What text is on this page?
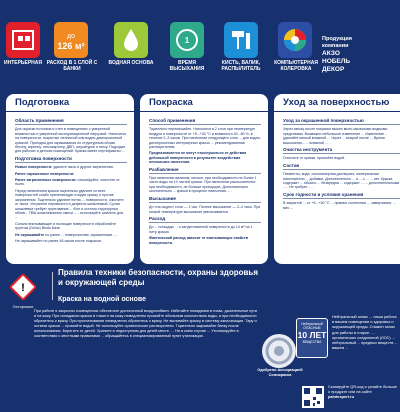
ИНТЕРЬЕРНАЯ
до
126 м²
РАСХОД В 1 СЛОЙ С БАНКИ
ВОДНАЯ ОСНОВА
1
ВРЕМЯ ВЫСЫХАНИЯ
КИСТЬ, ВАЛИК, РАСПЫЛИТЕЛЬ
КОМПЬЮТЕРНАЯ КОЛЕРОВКА
Продукция
компании
АКЗО
НОБЕЛЬ
ДЕКОР
Подготовка
Область применения
Для окраски потолков и стен в помещениях с умеренной влажностью и умеренной эксплуатационной нагрузкой. Наносится на поверхности, покрытые латексной или водно-дисперсионной краской. Пригодна для окрашивания по структурным обоям, бетону, кирпичу, гипсокартону, ДВП, штукатурке и гипсу. Подходит для рабочих и детских помещений. Краска имеет сертификаты ...
Подготовка поверхности
Новые поверхности: удалите пыль и другие загрязнения.
Ранее окрашенные поверхности:
Ранее загрязненные поверхности: отшлифуйте, очистите от пыли.
Перед нанесением краски тщательно удалите со всех поверхностей слабо прилегающую старую краску и прочие загрязнения. Тщательно удалите пятна ... поверхности, очистите от пыли. Устраните неровности и дефекты шпаклевкой. Сухая шпаклевка требует грунтования ... Фон и остатки структурных обоев... ПВА шпаклевочные смеси ... , используйте шпатель для ...
Сильно впитывающие и пылящие поверхности обработайте грунтом (Dulux) Bindo Базе.
Не окрашивайте по ранее ... поверхностям, окрашенным ... .
Не окрашивайте по ранее 48 часов после покраски.
Покраска
Способ применения
Тщательно перемешайте. Наносится в 2 слоя при температуре воздуха и поверхности от +5...+30 °С и влажности 40...80 %, в течение 2–3 часов. При нанесении следующего слоя ... для водно-дисперсионных интерьерных красок ... рекомендованная растворителем.
Предназначается не могут отшелушиться от действия дебильной поверхности в результате воздействия нескольких нанесения.
Разбавление
При нанесении валиком, кистью: при необходимости не более 1 части воды на 10 частей краски. При нанесении распылителем: при необходимости, не больше пропорции. Дополнительно окончательно ... краски в процессе нанесения ... .
Высыхание
До «на ощупь» слоя — 1 час. Полное высыхание — 2–4 часа. При низкой температуре высыхание увеличивается.
Расход
До ... площади ... и загрунтованной поверхности до 14 м² на 1 литр краски.
Фактический расход зависит от впитывающих свойств поверхности.
Уход за поверхностью
Уход за окрашенной поверхностью
Через месяц после покраски можно мыть мыльными водными средствами. Возможно небольшое изменение ... Изменение ... удаляйте мягкой влажной ... Через ... мокрой после ... Время высыхания... ... влажной ... .
Очистка инструмента
Очистите от краски, промойте водой.
Состав
Пигменты, вода, сополимерная дисперсия, минеральные наполнители ... добавки. Дополнительно ... и ... с ... ... нет. Краска содержит ... обычно ... безвредна ... содержит ... ... дополнительными ... . Не требует ... .
Срок годности и условия хранения
В закрытой ... от +5...+30 °С ... прямых солнечных ... замерзания. ... мес ...
!
Осторожно
Правила техники безопасности, охраны здоровья и окружающей среды
Краска на водной основе
При работе в закрытых помещениях обеспечьте достаточный воздухообмен. Избегайте попадания в глаза, дыхательные пути и на кожу. При попадании краски в глаза и на кожу немедленно промойте обильным количеством воды, а при необходимости обратитесь к врачу. При проглатывании немедленно обратитесь к врачу. Не выливайте краску в систему канализации. Тару и остатки краски ... промойте водой. Не используйте органические растворители. Тщательно закрывайте банку после использования. Берегите от детей. Храните в недоступном для детей месте. ... Ни в коем случае ... Утилизируйте в соответствии с местными правилами ... обращайтесь в специализированный пункт утилизации.
Нейтральный
ОПАСНЫЕ
10 ЛЕТ
ВЕЩЕСТВА
Нейтральный запах ... наша работа в вашем помещении и здоровья и окружающей среды. Снижен запах для работы в стирке. ... органических соединений (ЛОС) ... нейтральный ... вредных веществ ... вашем ...
Одобрено Ассоциацией Союзкраска
Сканируйте QR-код и узнайте больше о продукте или на сайте
paintexpert.ru
